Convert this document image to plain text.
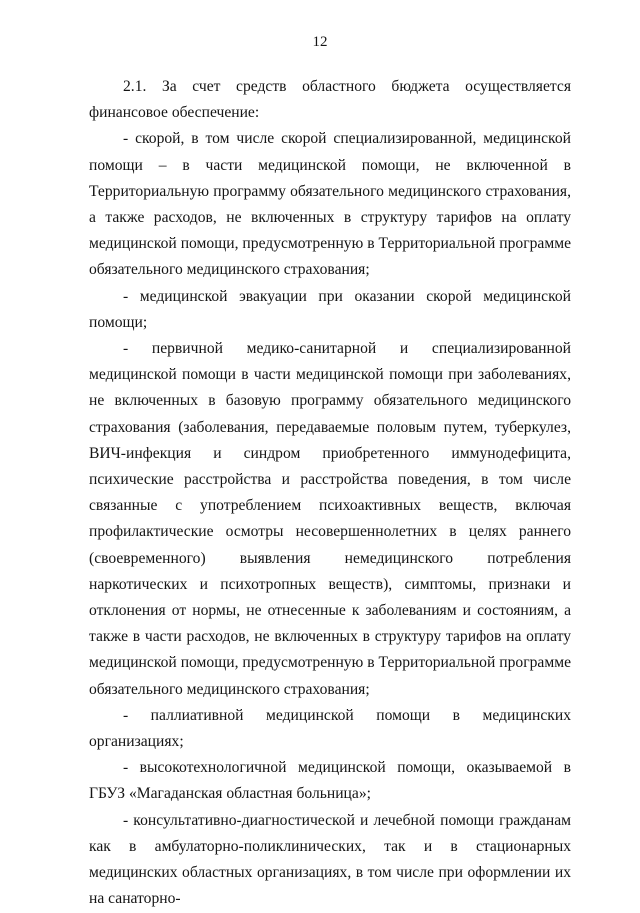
12

2.1. За счет средств областного бюджета осуществляется финансовое обеспечение:

- скорой, в том числе скорой специализированной, медицинской помощи – в части медицинской помощи, не включенной в Территориальную программу обязательного медицинского страхования, а также расходов, не включенных в структуру тарифов на оплату медицинской помощи, предусмотренную в Территориальной программе обязательного медицинского страхования;

- медицинской эвакуации при оказании скорой медицинской помощи;

- первичной медико-санитарной и специализированной медицинской помощи в части медицинской помощи при заболеваниях, не включенных в базовую программу обязательного медицинского страхования (заболевания, передаваемые половым путем, туберкулез, ВИЧ-инфекция и синдром приобретенного иммунодефицита, психические расстройства и расстройства поведения, в том числе связанные с употреблением психоактивных веществ, включая профилактические осмотры несовершеннолетних в целях раннего (своевременного) выявления немедицинского потребления наркотических и психотропных веществ), симптомы, признаки и отклонения от нормы, не отнесенные к заболеваниям и состояниям, а также в части расходов, не включенных в структуру тарифов на оплату медицинской помощи, предусмотренную в Территориальной программе обязательного медицинского страхования;

- паллиативной медицинской помощи в медицинских организациях;

- высокотехнологичной медицинской помощи, оказываемой в ГБУЗ «Магаданская областная больница»;

- консультативно-диагностической и лечебной помощи гражданам как в амбулаторно-поликлинических, так и в стационарных медицинских областных организациях, в том числе при оформлении их на санаторно-
